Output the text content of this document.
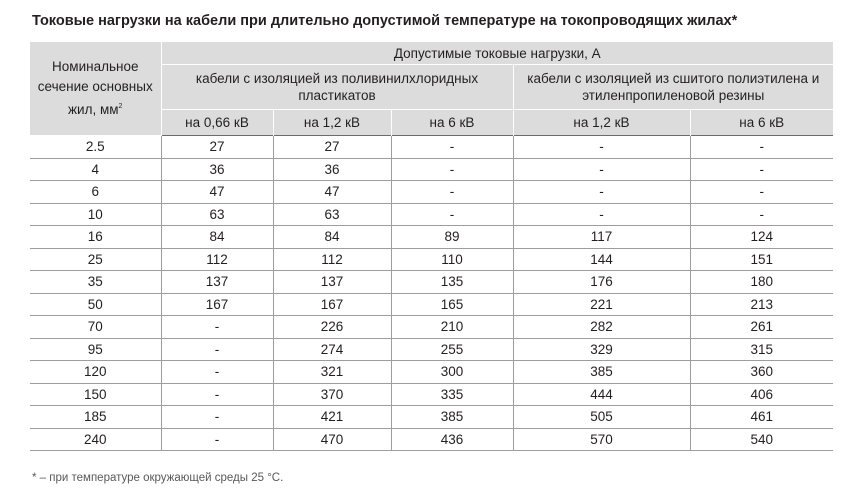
Токовые нагрузки на кабели при длительно допустимой температуре на токопроводящих жилах*
Номинальное сечение основных жил, $мм^2$	Допустимые токовые нагрузки, А				
	кабели с изоляцией из поливинилхлоридных пластикатов			кабели с изоляцией из сшитого полиэтилена и этиленпропиленовой резины	
	на 0,66 кВ	на 1,2 кВ	на 6 кВ	на 1,2 кВ	на 6 кВ
2.5	27	27	-	-	-
4	36	36	-	-	-
6	47	47	-	-	-
10	63	63	-	-	-
16	84	84	89	117	124
25	112	112	110	144	151
35	137	137	135	176	180
50	167	167	165	221	213
70	-	226	210	282	261
95	-	274	255	329	315
120	-	321	300	385	360
150	-	370	335	444	406
185	-	421	385	505	461
240	-	470	436	570	540
* – при температуре окружающей среды 25 °С.
